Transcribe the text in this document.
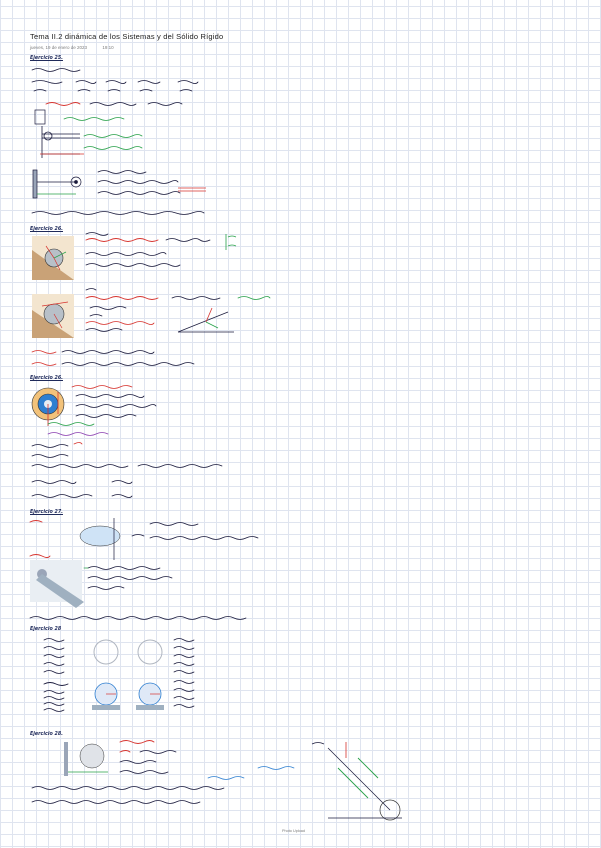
Tema II.2 dinámica de los Sistemas y del Sólido Rígido
jueves, 19 de enero de 2023	19:10
Ejercicio 25.
Ejercicio 26.
Ejercicio 26.
Ejercicio 27.
Ejercicio 28
Ejercicio 28.
Photo Upload
